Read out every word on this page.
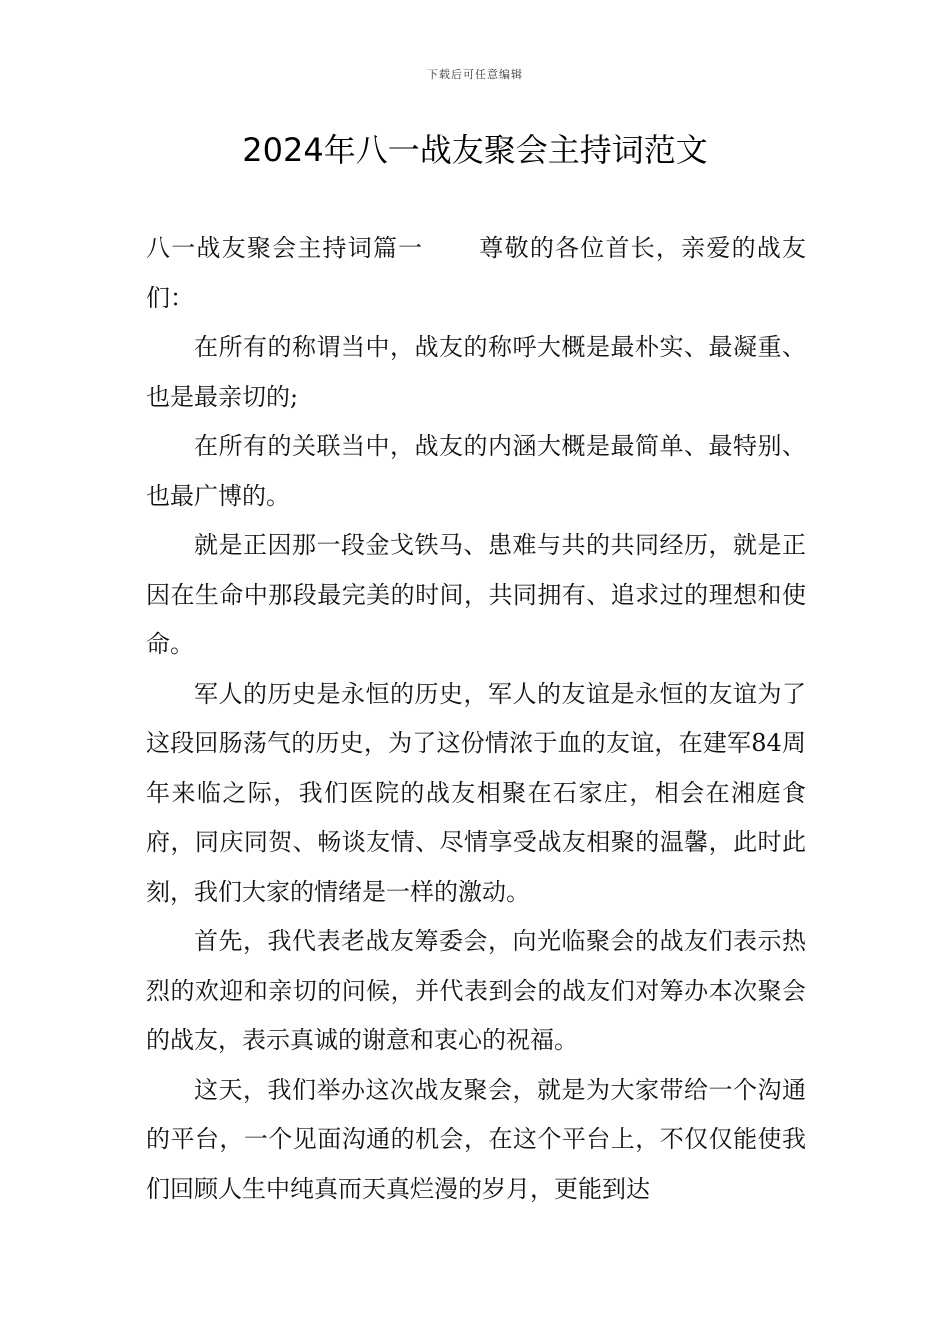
下载后可任意编辑
2024年八一战友聚会主持词范文

八一战友聚会主持词篇一 尊敬的各位首长，亲爱的战友们：

在所有的称谓当中，战友的称呼大概是最朴实、最凝重、也是最亲切的;

在所有的关联当中，战友的内涵大概是最简单、最特别、也最广博的。

就是正因那一段金戈铁马、患难与共的共同经历，就是正因在生命中那段最完美的时间，共同拥有、追求过的理想和使命。

军人的历史是永恒的历史，军人的友谊是永恒的友谊为了这段回肠荡气的历史，为了这份情浓于血的友谊，在建军84周年来临之际，我们医院的战友相聚在石家庄，相会在湘庭食府，同庆同贺、畅谈友情、尽情享受战友相聚的温馨，此时此刻，我们大家的情绪是一样的激动。

首先，我代表老战友筹委会，向光临聚会的战友们表示热烈的欢迎和亲切的问候，并代表到会的战友们对筹办本次聚会的战友，表示真诚的谢意和衷心的祝福。

这天，我们举办这次战友聚会，就是为大家带给一个沟通的平台，一个见面沟通的机会，在这个平台上，不仅仅能使我们回顾人生中纯真而天真烂漫的岁月，更能到达
